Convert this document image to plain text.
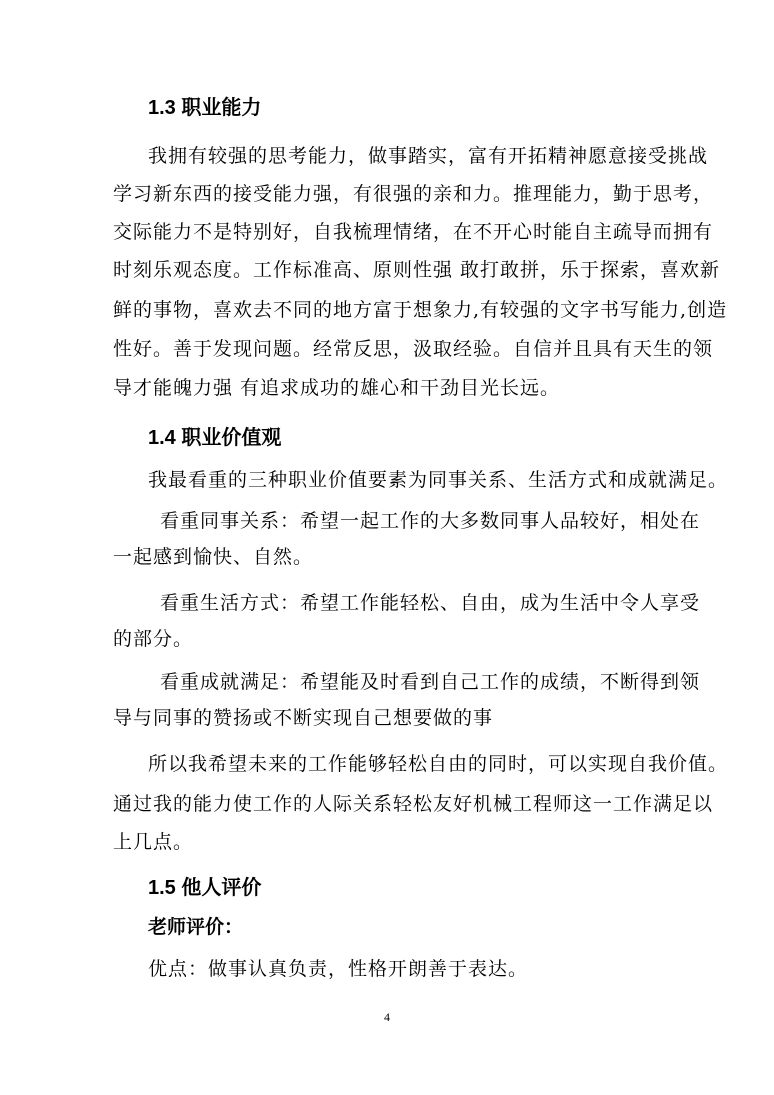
1.3 职业能力
我拥有较强的思考能力，做事踏实，富有开拓精神愿意接受挑战
学习新东西的接受能力强，有很强的亲和力。推理能力，勤于思考，
交际能力不是特别好，自我梳理情绪，在不开心时能自主疏导而拥有
时刻乐观态度。工作标准高、原则性强 敢打敢拼，乐于探索，喜欢新
鲜的事物，喜欢去不同的地方富于想象力,有较强的文字书写能力,创造
性好。善于发现问题。经常反思，汲取经验。自信并且具有天生的领
导才能魄力强 有追求成功的雄心和干劲目光长远。
1.4 职业价值观
我最看重的三种职业价值要素为同事关系、生活方式和成就满足。
看重同事关系：希望一起工作的大多数同事人品较好，相处在
一起感到愉快、自然。
看重生活方式：希望工作能轻松、自由，成为生活中令人享受
的部分。
看重成就满足：希望能及时看到自己工作的成绩，不断得到领
导与同事的赞扬或不断实现自己想要做的事
所以我希望未来的工作能够轻松自由的同时，可以实现自我价值。
通过我的能力使工作的人际关系轻松友好机械工程师这一工作满足以
上几点。
1.5 他人评价
老师评价：
优点：做事认真负责，性格开朗善于表达。
4
